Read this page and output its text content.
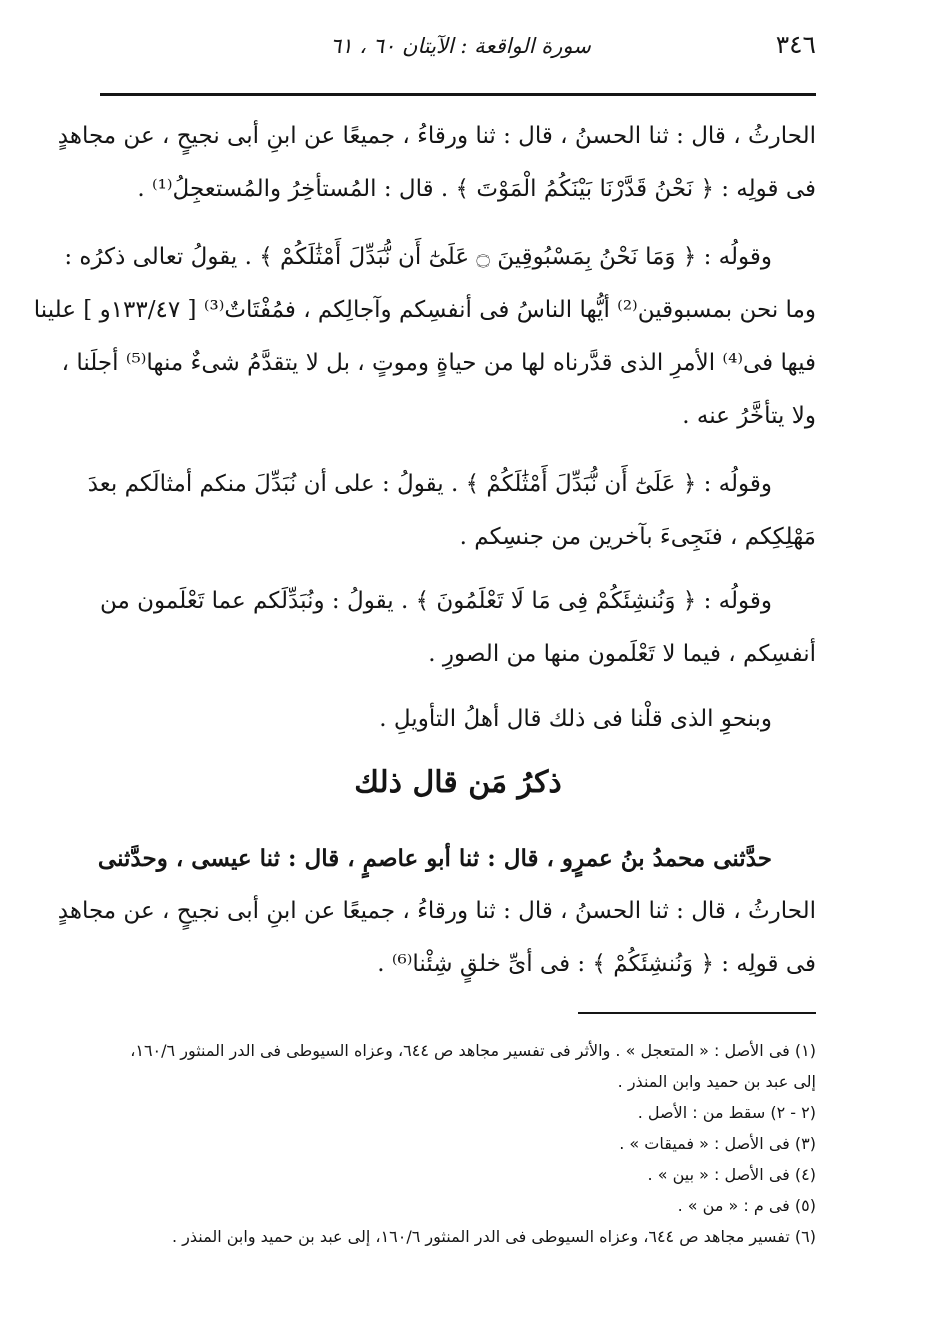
٣٤٦
سورة الواقعة : الآيتان ٦٠ ، ٦١
الحارثُ ، قال : ثنا الحسنُ ، قال : ثنا ورقاءُ ، جميعًا عن ابنِ أبى نجيحٍ ، عن مجاهدٍ
فى قولِه : ﴿ نَحْنُ قَدَّرْنَا بَيْنَكُمُ الْمَوْتَ ﴾ . قال : المُستأخِرُ والمُستعجِلُ⁽¹⁾ .
وقولُه : ﴿ وَمَا نَحْنُ بِمَسْبُوقِينَ ۝ عَلَىٰٓ أَن نُّبَدِّلَ أَمْثَٰلَكُمْ ﴾ . يقولُ تعالى ذكرُه :
وما نحن بمسبوقين⁽²⁾ أيُّها الناسُ فى أنفسِكم وآجالِكم ، فمُفْتَاتٌ⁽³⁾ [ ١٣٣/٤٧و ] علينا
فيها فى⁽⁴⁾ الأمرِ الذى قدَّرناه لها من حياةٍ وموتٍ ، بل لا يتقدَّمُ شىءٌ منها⁽⁵⁾ أجلَنا ،
ولا يتأخَّرُ عنه .
وقولُه : ﴿ عَلَىٰٓ أَن نُّبَدِّلَ أَمْثَٰلَكُمْ ﴾ . يقولُ : على أن نُبَدِّلَ منكم أمثالَكم بعدَ
مَهْلِكِكم ، فنَجِىءَ بآخرين من جنسِكم .
وقولُه : ﴿ وَنُنشِئَكُمْ فِى مَا لَا تَعْلَمُونَ ﴾ . يقولُ : ونُبَدِّلَكم عما تَعْلَمون من
أنفسِكم ، فيما لا تَعْلَمون منها من الصورِ .
وبنحوِ الذى قلْنا فى ذلك قال أهلُ التأويلِ .
ذكرُ مَن قال ذلك
حدَّثنى محمدُ بنُ عمرٍو ، قال : ثنا أبو عاصمٍ ، قال : ثنا عيسى ، وحدَّثنى
الحارثُ ، قال : ثنا الحسنُ ، قال : ثنا ورقاءُ ، جميعًا عن ابنِ أبى نجيحٍ ، عن مجاهدٍ
فى قولِه : ﴿ وَنُنشِئَكُمْ ﴾ : فى أىِّ خلقٍ شِئْنا⁽⁶⁾ .
(١) فى الأصل : « المتعجل » . والأثر فى تفسير مجاهد ص ٦٤٤، وعزاه السيوطى فى الدر المنثور ١٦٠/٦،
إلى عبد بن حميد وابن المنذر .
(٢ - ٢) سقط من : الأصل .
(٣) فى الأصل : « فميقات » .
(٤) فى الأصل : « بين » .
(٥) فى م : « من » .
(٦) تفسير مجاهد ص ٦٤٤، وعزاه السيوطى فى الدر المنثور ١٦٠/٦، إلى عبد بن حميد وابن المنذر .
